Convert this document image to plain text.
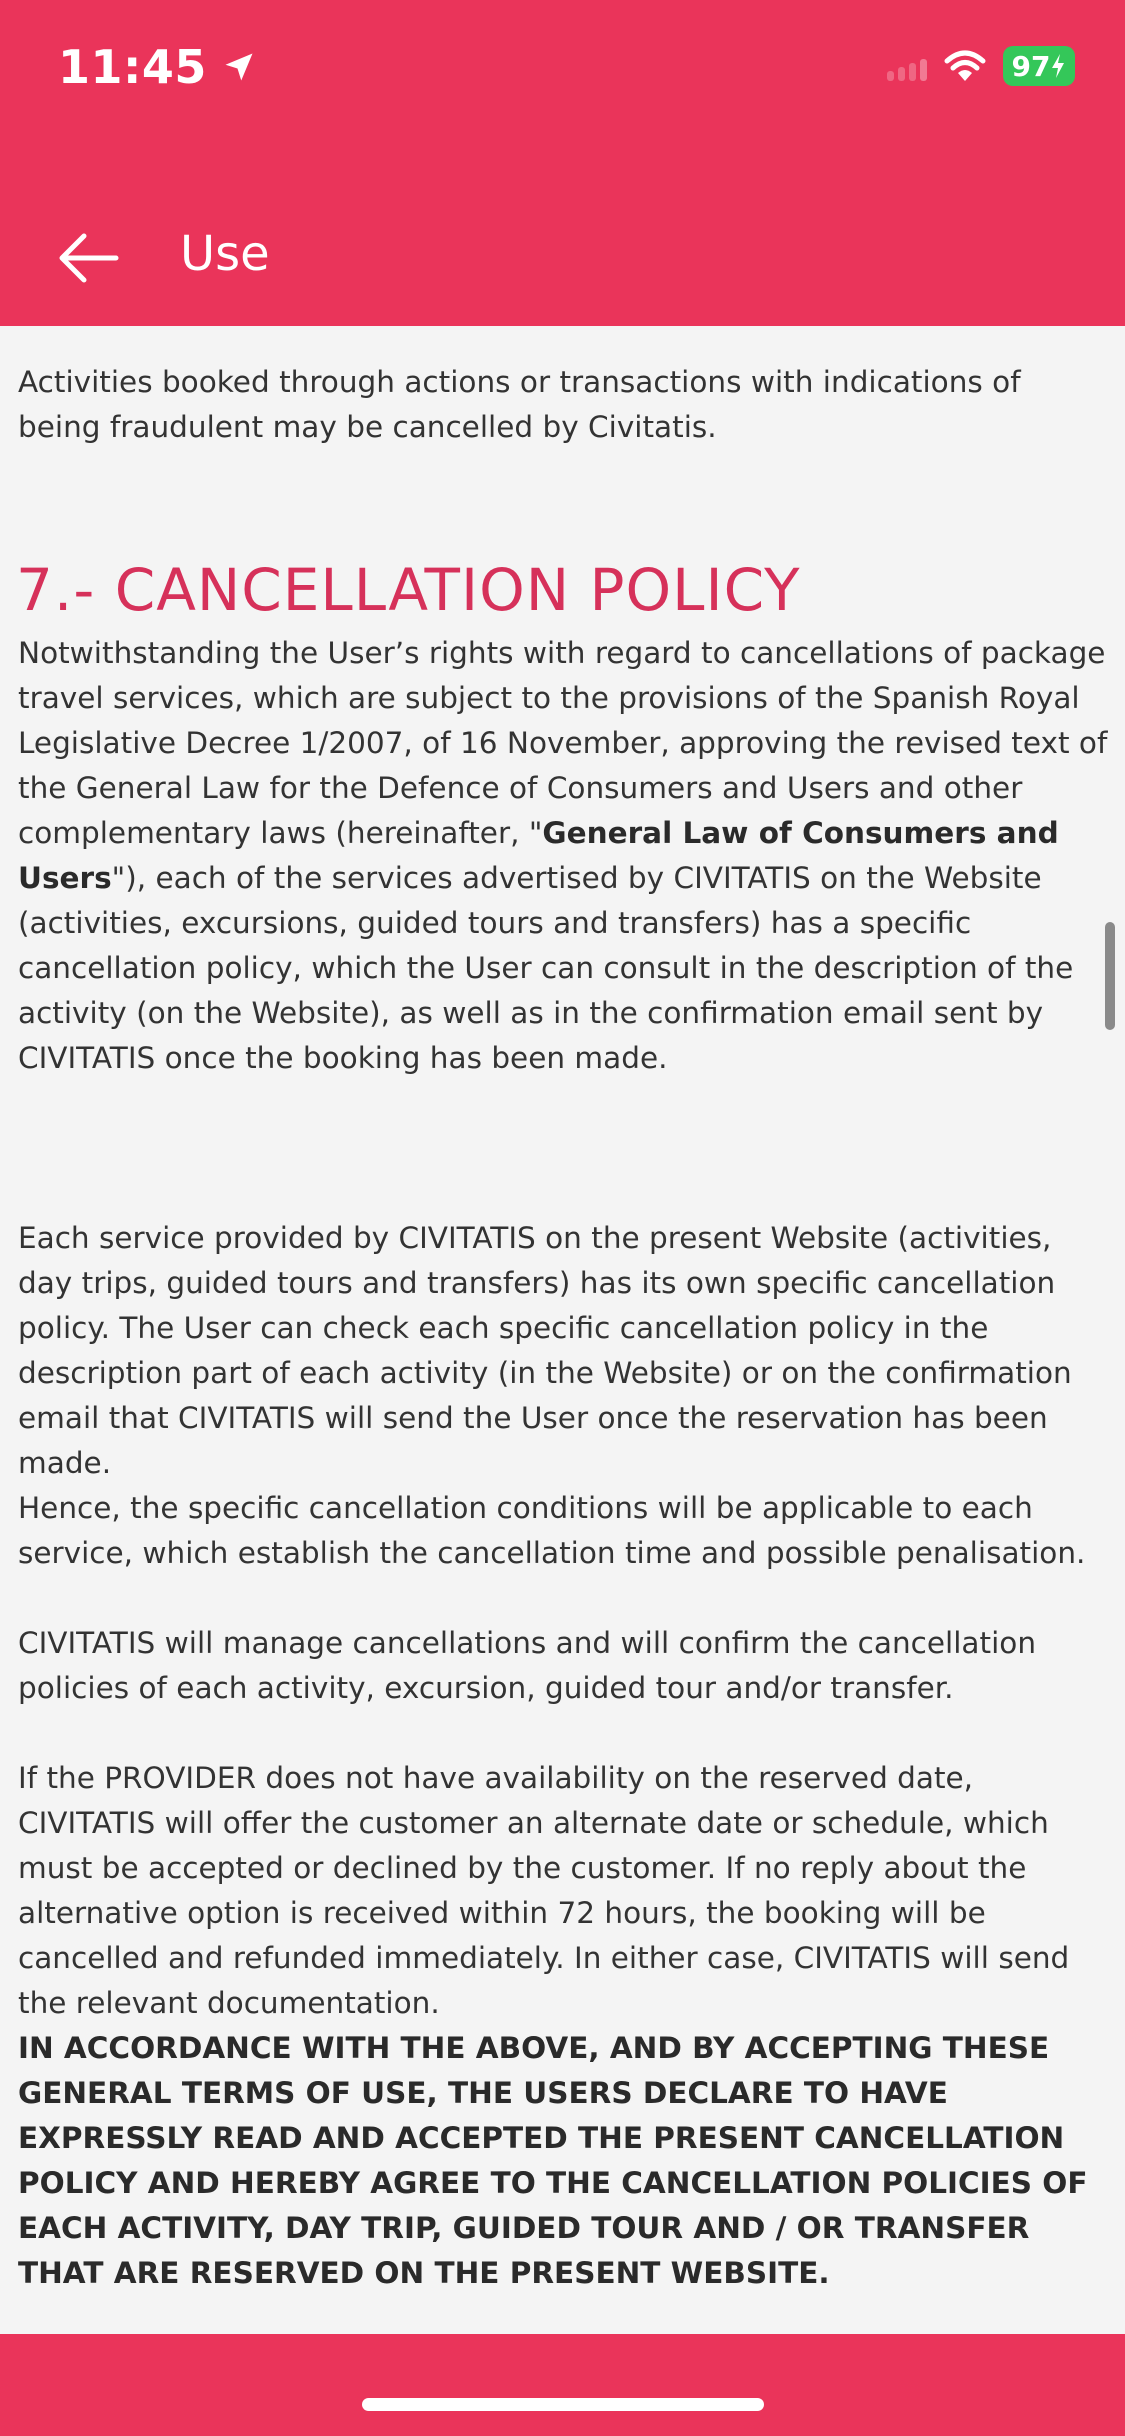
11:45	97
Use

Activities booked through actions or transactions with indications of being fraudulent may be cancelled by Civitatis.

7.- CANCELLATION POLICY

Notwithstanding the User’s rights with regard to cancellations of package travel services, which are subject to the provisions of the Spanish Royal Legislative Decree 1/2007, of 16 November, approving the revised text of the General Law for the Defence of Consumers and Users and other complementary laws (hereinafter, "General Law of Consumers and Users"), each of the services advertised by CIVITATIS on the Website (activities, excursions, guided tours and transfers) has a specific cancellation policy, which the User can consult in the description of the activity (on the Website), as well as in the confirmation email sent by CIVITATIS once the booking has been made.

Each service provided by CIVITATIS on the present Website (activities, day trips, guided tours and transfers) has its own specific cancellation policy. The User can check each specific cancellation policy in the description part of each activity (in the Website) or on the confirmation email that CIVITATIS will send the User once the reservation has been made.

Hence, the specific cancellation conditions will be applicable to each service, which establish the cancellation time and possible penalisation.

CIVITATIS will manage cancellations and will confirm the cancellation policies of each activity, excursion, guided tour and/or transfer.

If the PROVIDER does not have availability on the reserved date, CIVITATIS will offer the customer an alternate date or schedule, which must be accepted or declined by the customer. If no reply about the alternative option is received within 72 hours, the booking will be cancelled and refunded immediately. In either case, CIVITATIS will send the relevant documentation.

IN ACCORDANCE WITH THE ABOVE, AND BY ACCEPTING THESE GENERAL TERMS OF USE, THE USERS DECLARE TO HAVE EXPRESSLY READ AND ACCEPTED THE PRESENT CANCELLATION POLICY AND HEREBY AGREE TO THE CANCELLATION POLICIES OF EACH ACTIVITY, DAY TRIP, GUIDED TOUR AND / OR TRANSFER THAT ARE RESERVED ON THE PRESENT WEBSITE.
